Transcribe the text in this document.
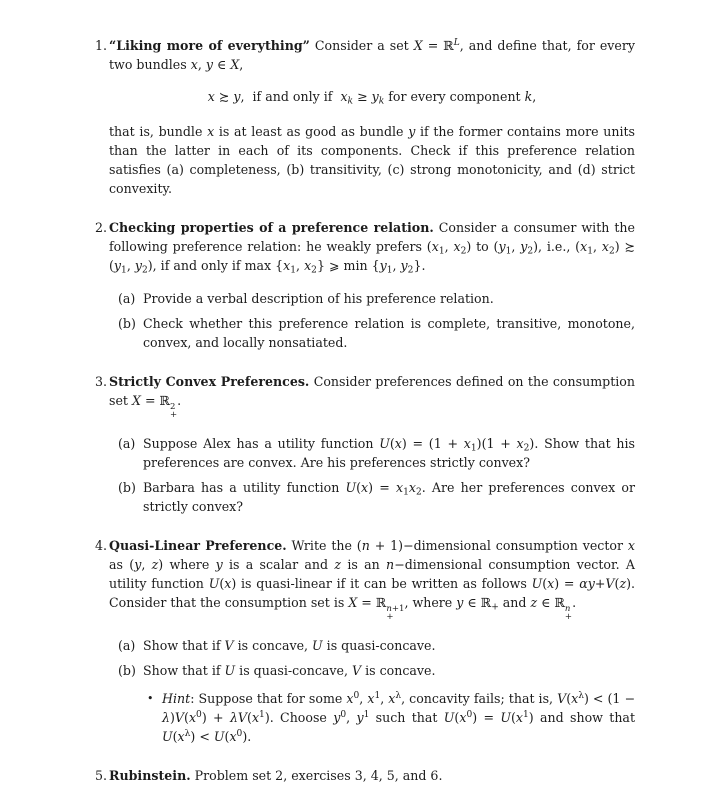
1. “Liking more of everything” Consider a set X = ℝ$^L$, and define that, for every two bundles x, y ∈ X,

x ≿ y,  if and only if  $x_k \ge y_k$ for every component k,

that is, bundle x is at least as good as bundle y if the former contains more units than the latter in each of its components. Check if this preference relation satisfies (a) completeness, (b) transitivity, (c) strong monotonicity, and (d) strict convexity.

2. Checking properties of a preference relation. Consider a consumer with the following preference relation: he weakly prefers ($x_1$, $x_2$) to ($y_1$, $y_2$), i.e., ($x_1$, $x_2$) ≿ ($y_1$, $y_2$), if and only if $\max \{x_1$, $x_2$} ⩾ $\min \{y_1$, $y_2$}.

(a) Provide a verbal description of his preference relation.
(b) Check whether this preference relation is complete, transitive, monotone, convex, and locally nonsatiated.
3. Strictly Convex Preferences. Consider preferences defined on the consumption set X = ℝ 2
+
.

(a) Suppose Alex has a utility function $U(x) = (1 + x_1)(1 + x_2)$. Show that his preferences are convex. Are his preferences strictly convex?
(b) Barbara has a utility function $U(x) = x_1x_2$. Are her preferences convex or strictly convex?
4. Quasi-Linear Preference. Write the (n + 1)−dimensional consumption vector x as (y, z) where y is a scalar and z is an n−dimensional consumption vector. A utility function U(x) is quasi-linear if it can be written as follows U(x) = αy+V(z). Consider that the consumption set is X = ℝ n+1
+
, where y ∈ ℝ$_+$ and z ∈ ℝ n
+
.

(a) Show that if V is concave, U is quasi-concave.
(b) Show that if U is quasi-concave, V is concave.
• Hint: Suppose that for some $x^0$, $x^1$, $x^\lambda$, concavity fails; that is, $V(x^\lambda) < (1 - \lambda)V(x^0) + \lambda V(x^1)$. Choose $y^0$, $y^1$ such that $U(x^0) = U(x^1)$ and show that $U(x^\lambda) < U(x^0)$.
5. Rubinstein. Problem set 2, exercises 3, 4, 5, and 6.
